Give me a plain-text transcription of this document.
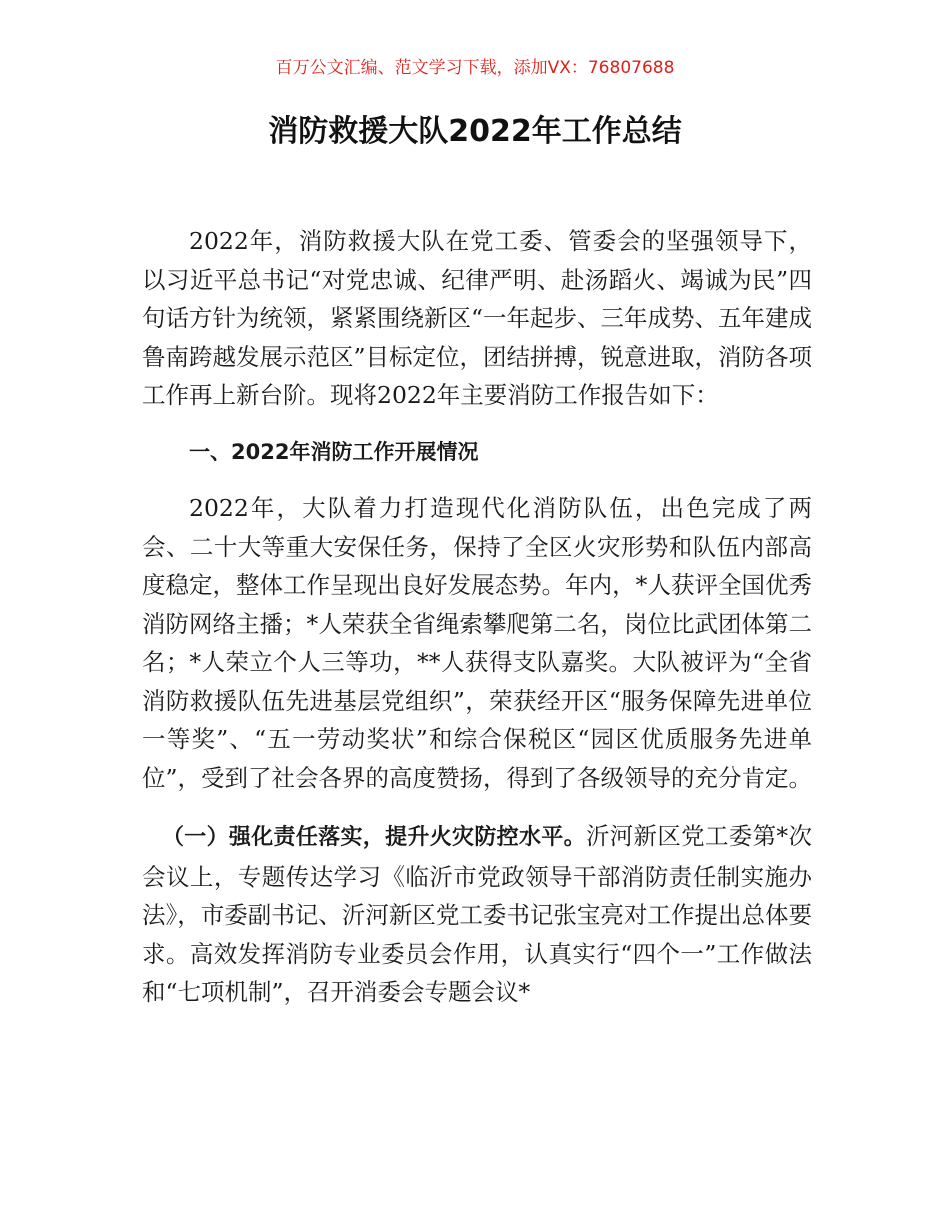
百万公文汇编、范文学习下载，添加VX：76807688
消防救援大队2022年工作总结

2022年，消防救援大队在党工委、管委会的坚强领导下，以习近平总书记“对党忠诚、纪律严明、赴汤蹈火、竭诚为民”四句话方针为统领，紧紧围绕新区“一年起步、三年成势、五年建成鲁南跨越发展示范区”目标定位，团结拼搏，锐意进取，消防各项工作再上新台阶。现将2022年主要消防工作报告如下：

一、2022年消防工作开展情况

2022年，大队着力打造现代化消防队伍，出色完成了两会、二十大等重大安保任务，保持了全区火灾形势和队伍内部高度稳定，整体工作呈现出良好发展态势。年内，*人获评全国优秀消防网络主播；*人荣获全省绳索攀爬第二名，岗位比武团体第二名；*人荣立个人三等功，**人获得支队嘉奖。大队被评为“全省消防救援队伍先进基层党组织”，荣获经开区“服务保障先进单位一等奖”、“五一劳动奖状”和综合保税区“园区优质服务先进单位”，受到了社会各界的高度赞扬，得到了各级领导的充分肯定。

（一）强化责任落实，提升火灾防控水平。沂河新区党工委第*次会议上，专题传达学习《临沂市党政领导干部消防责任制实施办法》，市委副书记、沂河新区党工委书记张宝亮对工作提出总体要求。高效发挥消防专业委员会作用，认真实行“四个一”工作做法和“七项机制”，召开消委会专题会议*
